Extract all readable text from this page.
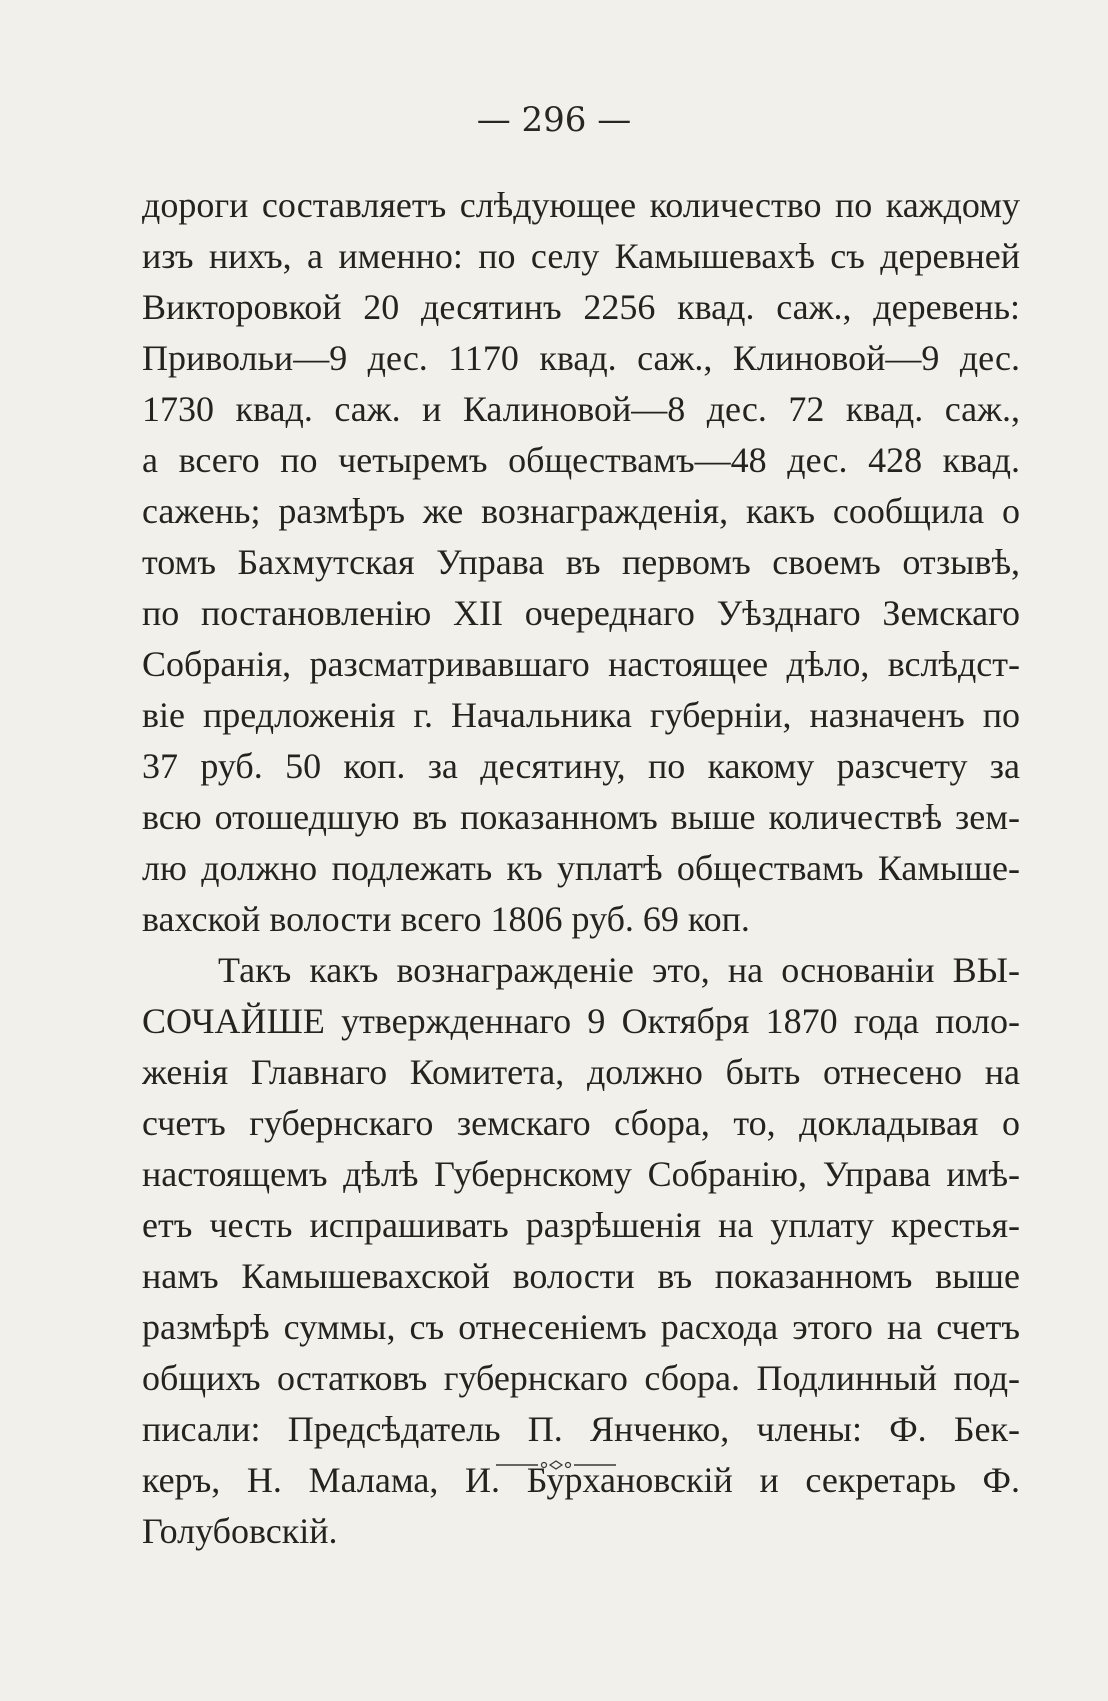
— 296 —
дороги составляетъ слѣдующее количество по каждому
изъ нихъ, а именно: по селу Камышевахѣ съ деревней
Викторовкой 20 десятинъ 2256 квад. саж., деревень:
Привольи—9 дес. 1170 квад. саж., Клиновой—9 дес.
1730 квад. саж. и Калиновой—8 дес. 72 квад. саж.,
а всего по четыремъ обществамъ—48 дес. 428 квад.
сажень; размѣръ же вознагражденія, какъ сообщила о
томъ Бахмутская Управа въ первомъ своемъ отзывѣ,
по постановленію XII очереднаго Уѣзднаго Земскаго
Собранія, разсматривавшаго настоящее дѣло, вслѣдст-
віе предложенія г. Начальника губерніи, назначенъ по
37 руб. 50 коп. за десятину, по какому разсчету за
всю отошедшую въ показанномъ выше количествѣ зем-
лю должно подлежать къ уплатѣ обществамъ Камыше-
вахской волости всего 1806 руб. 69 коп.
Такъ какъ вознагражденіе это, на основаніи ВЫ-
СОЧАЙШЕ утвержденнаго 9 Октября 1870 года поло-
женія Главнаго Комитета, должно быть отнесено на
счетъ губернскаго земскаго сбора, то, докладывая о
настоящемъ дѣлѣ Губернскому Собранію, Управа имѣ-
етъ честь испрашивать разрѣшенія на уплату крестья-
намъ Камышевахской волости въ показанномъ выше
размѣрѣ суммы, съ отнесеніемъ расхода этого на счетъ
общихъ остатковъ губернскаго сбора. Подлинный под-
писали: Предсѣдатель П. Янченко, члены: Ф. Бек-
керъ, Н. Малама, И. Бурхановскій и секретарь Ф.
Голубовскій.
